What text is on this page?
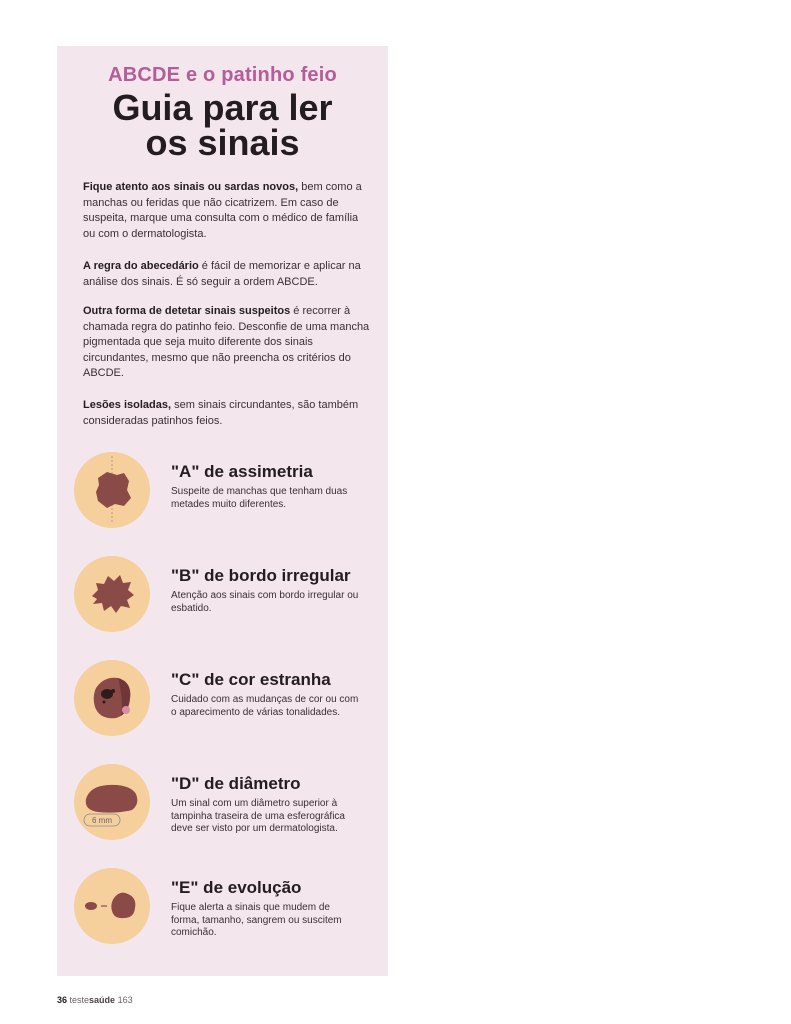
ABCDE e o patinho feio
Guia para ler
os sinais

Fique atento aos sinais ou sardas novos, bem como a manchas ou feridas que não cicatrizem. Em caso de suspeita, marque uma consulta com o médico de família ou com o dermatologista.

A regra do abecedário é fácil de memorizar e aplicar na análise dos sinais. É só seguir a ordem ABCDE.

Outra forma de detetar sinais suspeitos é recorrer à chamada regra do patinho feio. Desconfie de uma mancha pigmentada que seja muito diferente dos sinais circundantes, mesmo que não preencha os critérios do ABCDE.

Lesões isoladas, sem sinais circundantes, são também consideradas patinhos feios.

"A" de assimetria
Suspeite de manchas que tenham duas metades muito diferentes.
"B" de bordo irregular
Atenção aos sinais com bordo irregular ou esbatido.
"C" de cor estranha
Cuidado com as mudanças de cor ou com o aparecimento de várias tonalidades.
6 mm
"D" de diâmetro
Um sinal com um diâmetro superior à tampinha traseira de uma esferográfica deve ser visto por um dermatologista.
"E" de evolução
Fique alerta a sinais que mudem de forma, tamanho, sangrem ou suscitem comichão.
36 testesaúde 163
